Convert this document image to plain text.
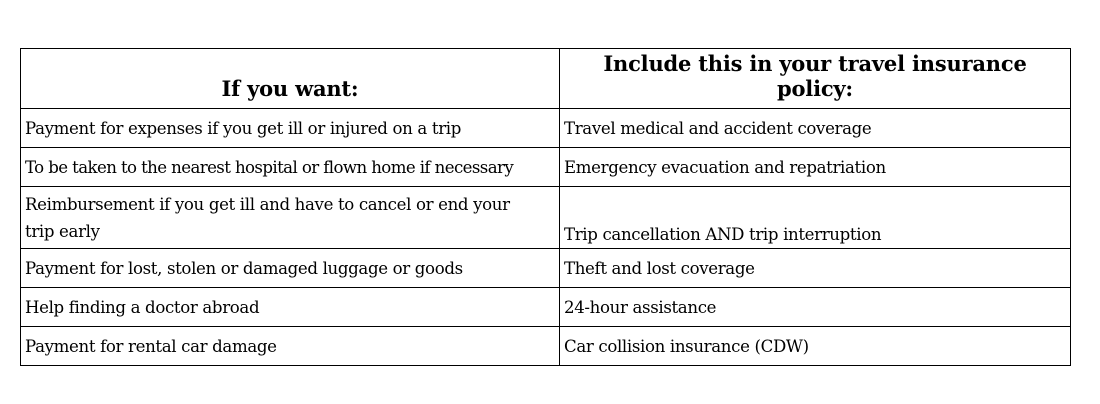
If you want:	Include this in your travel insurance policy:
Payment for expenses if you get ill or injured on a trip	Travel medical and accident coverage
To be taken to the nearest hospital or flown home if necessary	Emergency evacuation and repatriation
Reimbursement if you get ill and have to cancel or end your trip early	Trip cancellation AND trip interruption
Payment for lost, stolen or damaged luggage or goods	Theft and lost coverage
Help finding a doctor abroad	24-hour assistance
Payment for rental car damage	Car collision insurance (CDW)
